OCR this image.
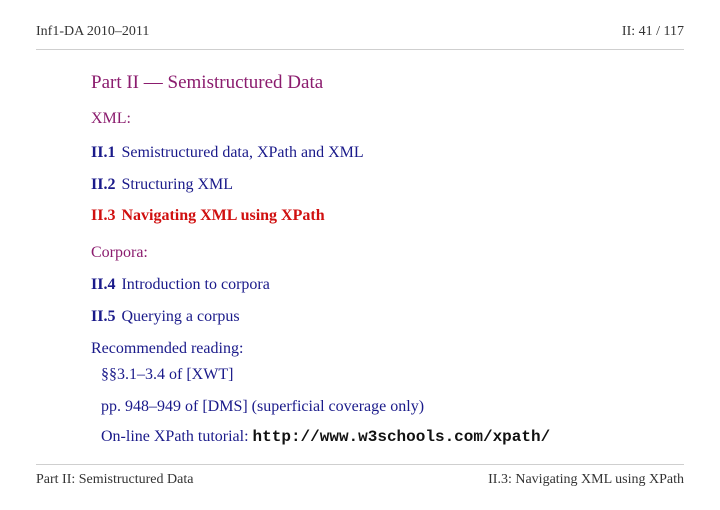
Inf1-DA 2010–2011	II: 41 / 117
Part II — Semistructured Data
XML:
II.1 Semistructured data, XPath and XML
II.2 Structuring XML
II.3 Navigating XML using XPath
Corpora:
II.4 Introduction to corpora
II.5 Querying a corpus
Recommended reading:
§§3.1–3.4 of [XWT]
pp. 948–949 of [DMS] (superficial coverage only)
On-line XPath tutorial: http://www.w3schools.com/xpath/
Part II: Semistructured Data	II.3: Navigating XML using XPath
